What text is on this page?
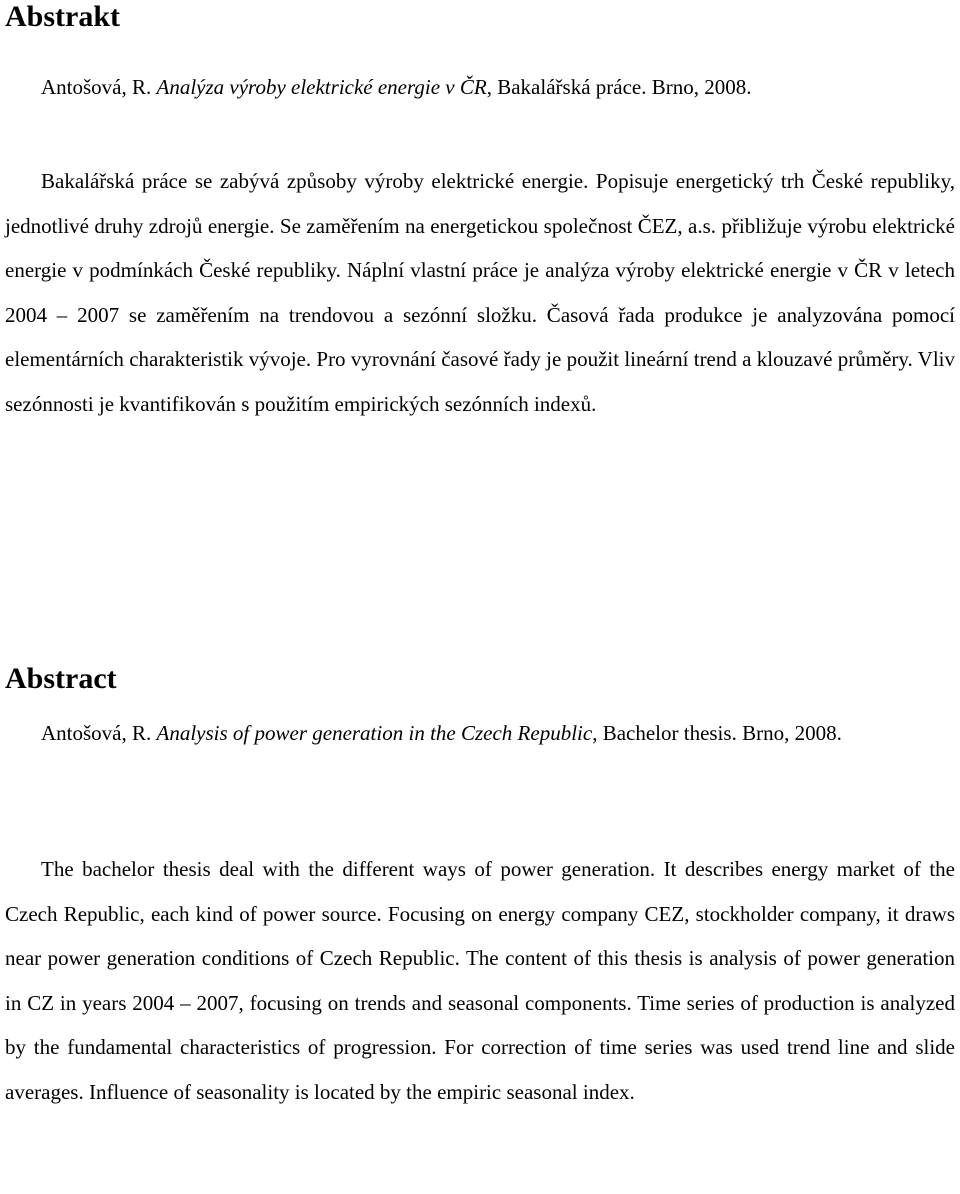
Abstrakt

Antošová, R. Analýza výroby elektrické energie v ČR, Bakalářská práce. Brno, 2008.

Bakalářská práce se zabývá způsoby výroby elektrické energie. Popisuje energetický trh České republiky, jednotlivé druhy zdrojů energie. Se zaměřením na energetickou společnost ČEZ, a.s. přibližuje výrobu elektrické energie v podmínkách České republiky. Náplní vlastní práce je analýza výroby elektrické energie v ČR v letech 2004 – 2007 se zaměřením na trendovou a sezónní složku. Časová řada produkce je analyzována pomocí elementárních charakteristik vývoje. Pro vyrovnání časové řady je použit lineární trend a klouzavé průměry. Vliv sezónnosti je kvantifikován s použitím empirických sezónních indexů.

Abstract

Antošová, R. Analysis of power generation in the Czech Republic, Bachelor thesis. Brno, 2008.

The bachelor thesis deal with the different ways of power generation. It describes energy market of the Czech Republic, each kind of power source. Focusing on energy company CEZ, stockholder company, it draws near power generation conditions of Czech Republic. The content of this thesis is analysis of power generation in CZ in years 2004 – 2007, focusing on trends and seasonal components. Time series of production is analyzed by the fundamental characteristics of progression. For correction of time series was used trend line and slide averages. Influence of seasonality is located by the empiric seasonal index.
